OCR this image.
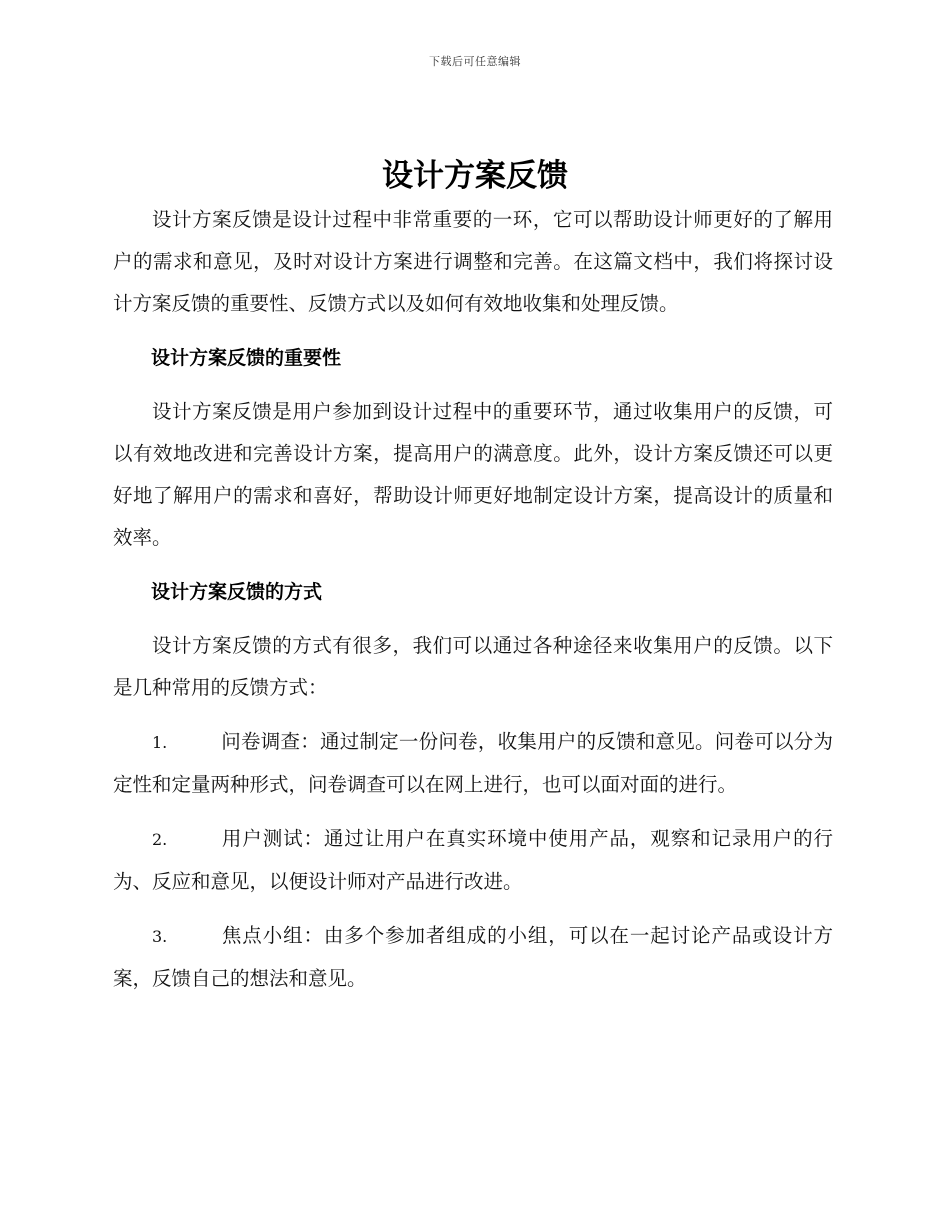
下载后可任意编辑
设计方案反馈

设计方案反馈是设计过程中非常重要的一环，它可以帮助设计师更好的了解用户的需求和意见，及时对设计方案进行调整和完善。在这篇文档中，我们将探讨设计方案反馈的重要性、反馈方式以及如何有效地收集和处理反馈。

设计方案反馈的重要性

设计方案反馈是用户参加到设计过程中的重要环节，通过收集用户的反馈，可以有效地改进和完善设计方案，提高用户的满意度。此外，设计方案反馈还可以更好地了解用户的需求和喜好，帮助设计师更好地制定设计方案，提高设计的质量和效率。

设计方案反馈的方式

设计方案反馈的方式有很多，我们可以通过各种途径来收集用户的反馈。以下是几种常用的反馈方式：

1.	问卷调查：通过制定一份问卷，收集用户的反馈和意见。问卷可以分为定性和定量两种形式，问卷调查可以在网上进行，也可以面对面的进行。

2.	用户测试：通过让用户在真实环境中使用产品，观察和记录用户的行为、反应和意见，以便设计师对产品进行改进。

3.	焦点小组：由多个参加者组成的小组，可以在一起讨论产品或设计方案，反馈自己的想法和意见。
